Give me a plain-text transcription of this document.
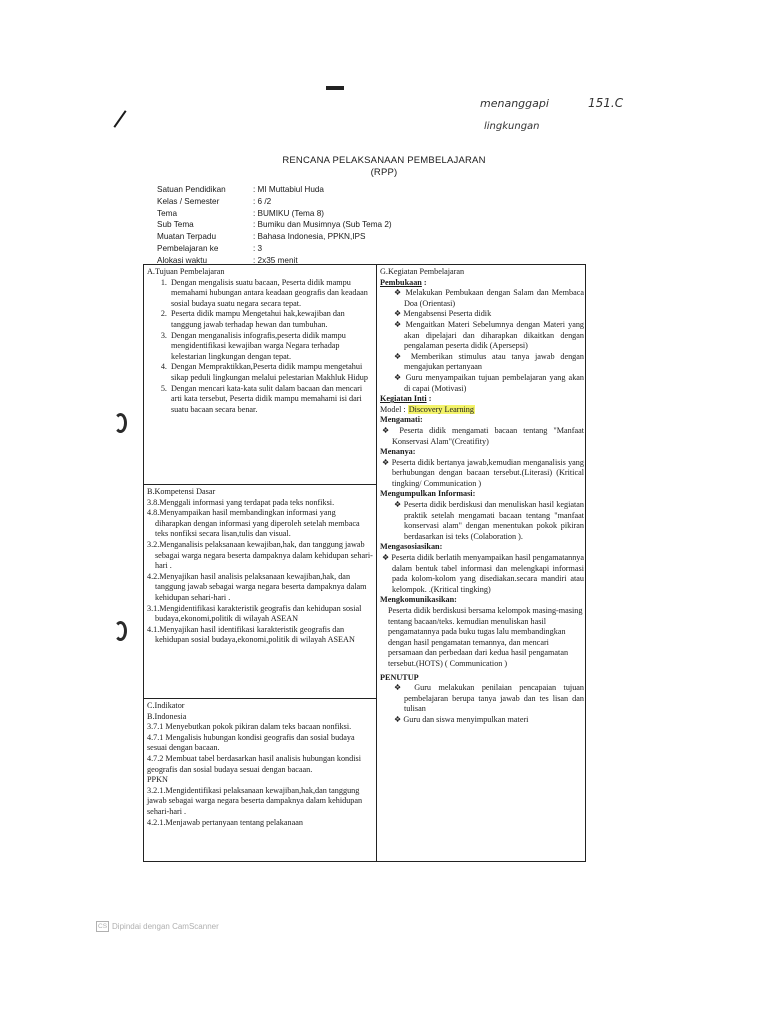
menanggapi	151.C
lingkungan
RENCANA PELAKSANAAN PEMBELAJARAN
(RPP)
Satuan Pendidikan	: MI Muttabiul Huda
Kelas / Semester	: 6 /2
Tema	: BUMIKU (Tema 8)
Sub Tema	: Bumiku dan Musimnya (Sub Tema 2)
Muatan Terpadu	: Bahasa Indonesia, PPKN,IPS
Pembelajaran ke	: 3
Alokasi waktu	: 2x35 menit
A.Tujuan Pembelajaran
1. Dengan mengalisis suatu bacaan, Peserta didik mampu memahami hubungan antara keadaan geografis dan keadaan sosial budaya suatu negara secara tepat.
2. Peserta didik mampu Mengetahui hak,kewajiban dan tanggung jawab terhadap hewan dan tumbuhan.
3. Dengan menganalisis infografis,peserta didik mampu mengidentifikasi kewajiban warga Negara terhadap kelestarian lingkungan dengan tepat.
4. Dengan Mempraktikkan,Peserta didik mampu mengetahui sikap peduli lingkungan melalui pelestarian Makhluk Hidup
5. Dengan mencari kata-kata sulit dalam bacaan dan mencari arti kata tersebut, Peserta didik mampu memahami isi dari suatu bacaan secara benar.
B.Kompetensi Dasar

3.8.Menggali informasi yang terdapat pada teks nonfiksi.

4.8.Menyampaikan hasil membandingkan informasi yang diharapkan dengan informasi yang diperoleh setelah membaca teks nonfiksi secara lisan,tulis dan visual.

3.2.Menganalisis pelaksanaan kewajiban,hak, dan tanggung jawab sebagai warga negara beserta dampaknya dalam kehidupan sehari-hari .

4.2.Menyajikan hasil analisis pelaksanaan kewajiban,hak, dan tanggung jawab sebagai warga negara beserta dampaknya dalam kehidupan sehari-hari .

3.1.Mengidentifikasi karakteristik geografis dan kehidupan sosial budaya,ekonomi,politik di wilayah ASEAN

4.1.Menyajikan hasil identifikasi karakteristik geografis dan kehidupan sosial budaya,ekonomi,politik di wilayah ASEAN

C.Indikator
B.Indonesia

3.7.1 Menyebutkan pokok pikiran dalam teks bacaan nonfiksi.

4.7.1 Mengalisis hubungan kondisi geografis dan sosial budaya sesuai dengan bacaan.

4.7.2 Membuat tabel berdasarkan hasil analisis hubungan kondisi geografis dan sosial budaya sesuai dengan bacaan.

PPKN

3.2.1.Mengidentifikasi pelaksanaan kewajiban,hak,dan tanggung jawab sebagai warga negara beserta dampaknya dalam kehidupan sehari-hari .

4.2.1.Menjawab pertanyaan tentang pelakanaan

G.Kegiatan Pembelajaran
Pembukaan :
❖ Melakukan Pembukaan dengan Salam dan Membaca Doa (Orientasi)
❖ Mengabsensi Peserta didik
❖ Mengaitkan Materi Sebelumnya dengan Materi yang akan dipelajari dan diharapkan dikaitkan dengan pengalaman peserta didik (Apersepsi)
❖ Memberikan stimulus atau tanya jawab dengan mengajukan pertanyaan
❖ Guru menyampaikan tujuan pembelajaran yang akan di capai (Motivasi)
Kegiatan Inti :
Model : Discovery Learning
Mengamati:
❖ Peserta didik mengamati bacaan tentang "Manfaat Konservasi Alam"(Creatifity)
Menanya:
❖ Peserta didik bertanya jawab,kemudian menganalisis yang berhubungan dengan bacaan tersebut.(Literasi) (Kritical tingking/ Communication )
Mengumpulkan Informasi:
❖ Peserta didik berdiskusi dan menuliskan hasil kegiatan praktik setelah mengamati bacaan tentang "manfaat konservasi alam" dengan menentukan pokok pikiran berdasarkan isi teks (Colaboration ).
Mengasosiasikan:
❖ Peserta didik berlatih menyampaikan hasil pengamatannya dalam bentuk tabel informasi dan melengkapi informasi pada kolom-kolom yang disediakan.secara mandiri atau kelompok. .(Kritical tingking)
Mengkomunikasikan:
Peserta didik berdiskusi bersama kelompok masing-masing tentang bacaan/teks. kemudian menuliskan hasil pengamatannya pada buku tugas lalu membandingkan dengan hasil pengamatan temannya, dan mencari persamaan dan perbedaan dari kedua hasil pengamatan tersebut.(HOTS) ( Communication )
PENUTUP
❖ Guru melakukan penilaian pencapaian tujuan pembelajaran berupa tanya jawab dan tes lisan dan tulisan
❖ Guru dan siswa menyimpulkan materi
CS Dipindai dengan CamScanner
